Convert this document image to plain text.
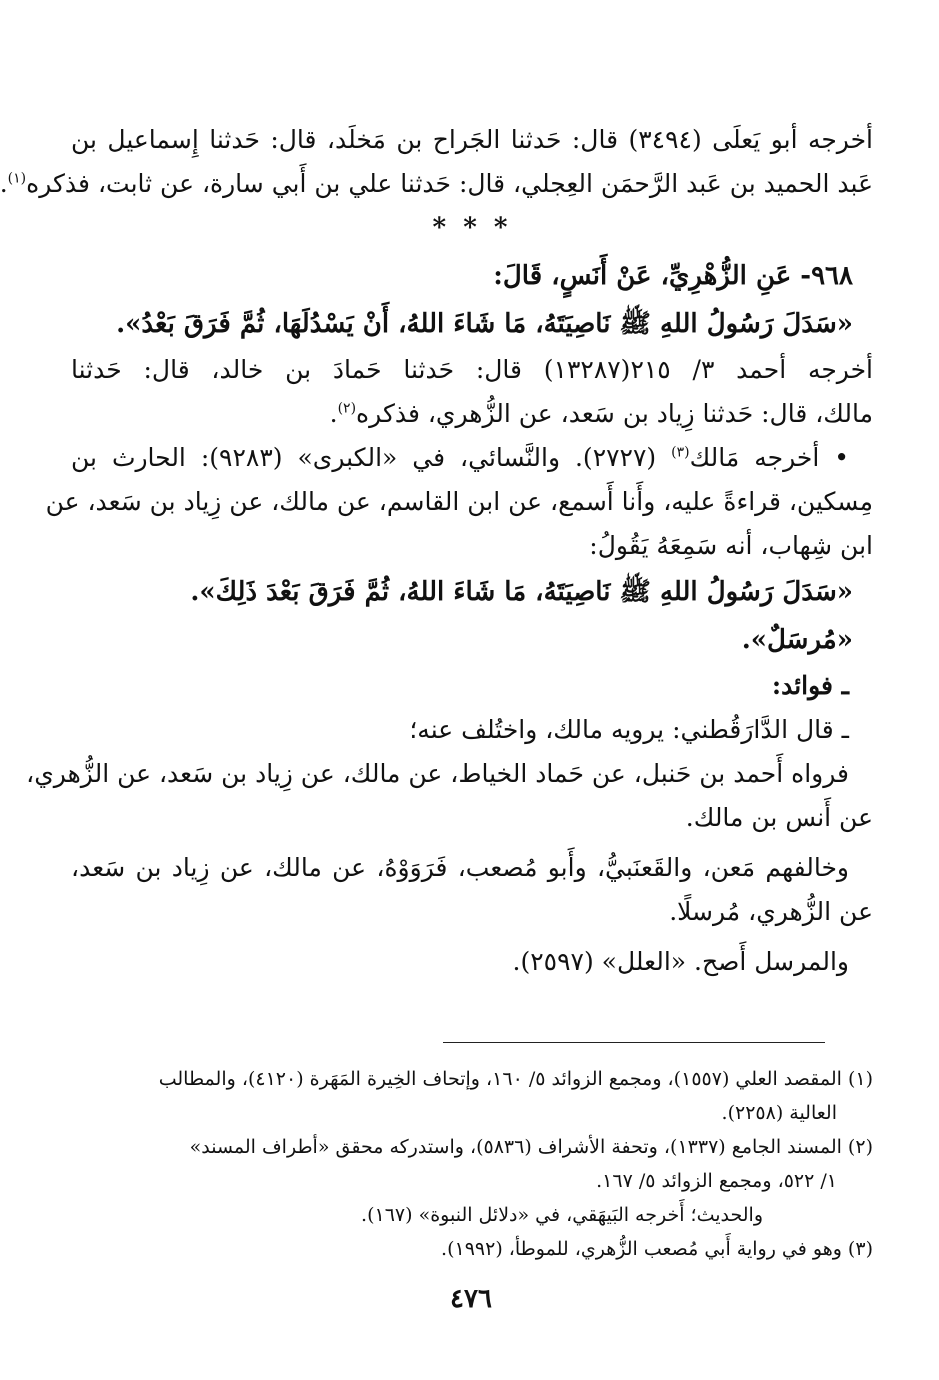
أخرجه أبو يَعلَى (٣٤٩٤) قال: حَدثنا الجَراح بن مَخلَد، قال: حَدثنا إِسماعيل بن
عَبد الحميد بن عَبد الرَّحمَن العِجلي، قال: حَدثنا علي بن أَبي سارة، عن ثابت، فذكره$^{(١)}$.
* * *
٩٦٨- عَنِ الزُّهْرِيِّ، عَنْ أَنَسٍ، قَالَ:
«سَدَلَ رَسُولُ اللهِ ﷺ نَاصِيَتَهُ، مَا شَاءَ اللهُ، أَنْ يَسْدُلَهَا، ثُمَّ فَرَقَ بَعْدُ».
أخرجه أحمد ٣/ ٢١٥(١٣٢٨٧) قال: حَدثنا حَمادَ بن خالد، قال: حَدثنا
مالك، قال: حَدثنا زِياد بن سَعد، عن الزُّهري، فذكره$^{(٢)}$.
• أخرجه مَالك$^{(٣)}$ (٢٧٢٧). والنَّسائي، في «الكبرى» (٩٢٨٣): الحارث بن
مِسكين، قراءةً عليه، وأَنا أَسمع، عن ابن القاسم، عن مالك، عن زِياد بن سَعد، عن
ابن شِهاب، أنه سَمِعَهُ يَقُولُ:
«سَدَلَ رَسُولُ اللهِ ﷺ نَاصِيَتَهُ، مَا شَاءَ اللهُ، ثُمَّ فَرَقَ بَعْدَ ذَلِكَ».
«مُرسَلٌ».
ـ فوائد:
ـ قال الدَّارَقُطني: يرويه مالك، واختُلف عنه؛
فرواه أَحمد بن حَنبل، عن حَماد الخياط، عن مالك، عن زِياد بن سَعد، عن الزُّهري،
عن أَنس بن مالك.
وخالفهم مَعن، والقَعنَبيُّ، وأَبو مُصعب، فَرَوَوْهُ، عن مالك، عن زِياد بن سَعد،
عن الزُّهري، مُرسلًا.
والمرسل أَصح. «العلل» (٢٥٩٧).
(١) المقصد العلي (١٥٥٧)، ومجمع الزوائد ٥/ ١٦٠، وإتحاف الخِيرة المَهَرة (٤١٢٠)، والمطالب
العالية (٢٢٥٨).
(٢) المسند الجامع (١٣٣٧)، وتحفة الأشراف (٥٨٣٦)، واستدركه محقق «أطراف المسند»
١/ ٥٢٢، ومجمع الزوائد ٥/ ١٦٧.
والحديث؛ أَخرجه البَيهَقي، في «دلائل النبوة» (١٦٧).
(٣) وهو في رواية أَبي مُصعب الزُّهري، للموطأ، (١٩٩٢).
٤٧٦
